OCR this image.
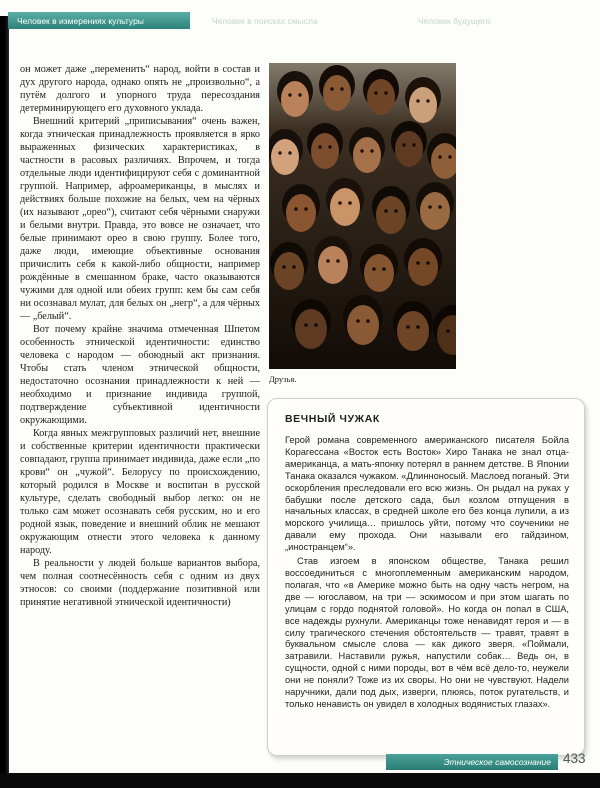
Человек в измерениях культуры	Человек в поисках смысла	Человек будущего

он может даже „переменить“ народ, войти в состав и дух другого народа, однако опять не „произвольно“, а путём долгого и упорного труда пересоздания детерминирующего его духовного уклада.

Внешний критерий „приписывания“ очень важен, когда этническая принадлежность проявляется в ярко выраженных физических характеристиках, в частности в расовых различиях. Впрочем, и тогда отдельные люди идентифицируют себя с доминантной группой. Например, афроамериканцы, в мыслях и действиях больше похожие на белых, чем на чёрных (их называют „орео“), считают себя чёрными снаружи и белыми внутри. Правда, это вовсе не означает, что белые принимают орео в свою группу. Более того, даже люди, имеющие объективные основания причислить себя к какой-либо общности, например рождённые в смешанном браке, часто оказываются чужими для одной или обеих групп: кем бы сам себя ни осознавал мулат, для белых он „негр“, а для чёрных — „белый“.

Вот почему крайне значима отмеченная Шпетом особенность этнической идентичности: единство человека с народом — обоюдный акт признания. Чтобы стать членом этнической общности, недостаточно осознания принадлежности к ней — необходимо и признание индивида группой, подтверждение субъективной идентичности окружающими.

Когда явных межгрупповых различий нет, внешние и собственные критерии идентичности практически совпадают, группа принимает индивида, даже если „по крови“ он „чужой“. Белорусу по происхождению, который родился в Москве и воспитан в русской культуре, сделать свободный выбор легко: он не только сам может осознавать себя русским, но и его родной язык, поведение и внешний облик не мешают окружающим отнести этого человека к данному народу.

В реальности у людей больше вариантов выбора, чем полная соотнесённость себя с одним из двух этносов: со своими (поддержание позитивной или принятие негативной этнической идентичности)

Друзья.
ВЕЧНЫЙ ЧУЖАК

Герой романа современного американского писателя Бойла Корагессана «Восток есть Восток» Хиро Танака не знал отца-американца, а мать-японку потерял в раннем детстве. В Японии Танака оказался чужаком. «Длинноносый. Маслоед поганый. Эти оскорбления преследовали его всю жизнь. Он рыдал на руках у бабушки после детского сада, был козлом отпущения в начальных классах, в средней школе его без конца лупили, а из морского училища… пришлось уйти, потому что соученики не давали ему прохода. Они называли его гайдзином, „иностранцем“».

Став изгоем в японском обществе, Танака решил воссоединиться с многоплеменным американским народом, полагая, что «в Америке можно быть на одну часть негром, на две — югославом, на три — эскимосом и при этом шагать по улицам с гордо поднятой головой». Но когда он попал в США, все надежды рухнули. Американцы тоже ненавидят героя и — в силу трагического стечения обстоятельств — травят, травят в буквальном смысле слова — как дикого зверя. «Поймали, затравили. Наставили ружья, напустили собак… Ведь он, в сущности, одной с ними породы, вот в чём всё дело-то, неужели они не поняли? Тоже из их своры. Но они не чувствуют. Надели наручники, дали под дых, изверги, плюясь, поток ругательств, и только ненависть он увидел в холодных водянистых глазах».

Этническое самосознание 433
